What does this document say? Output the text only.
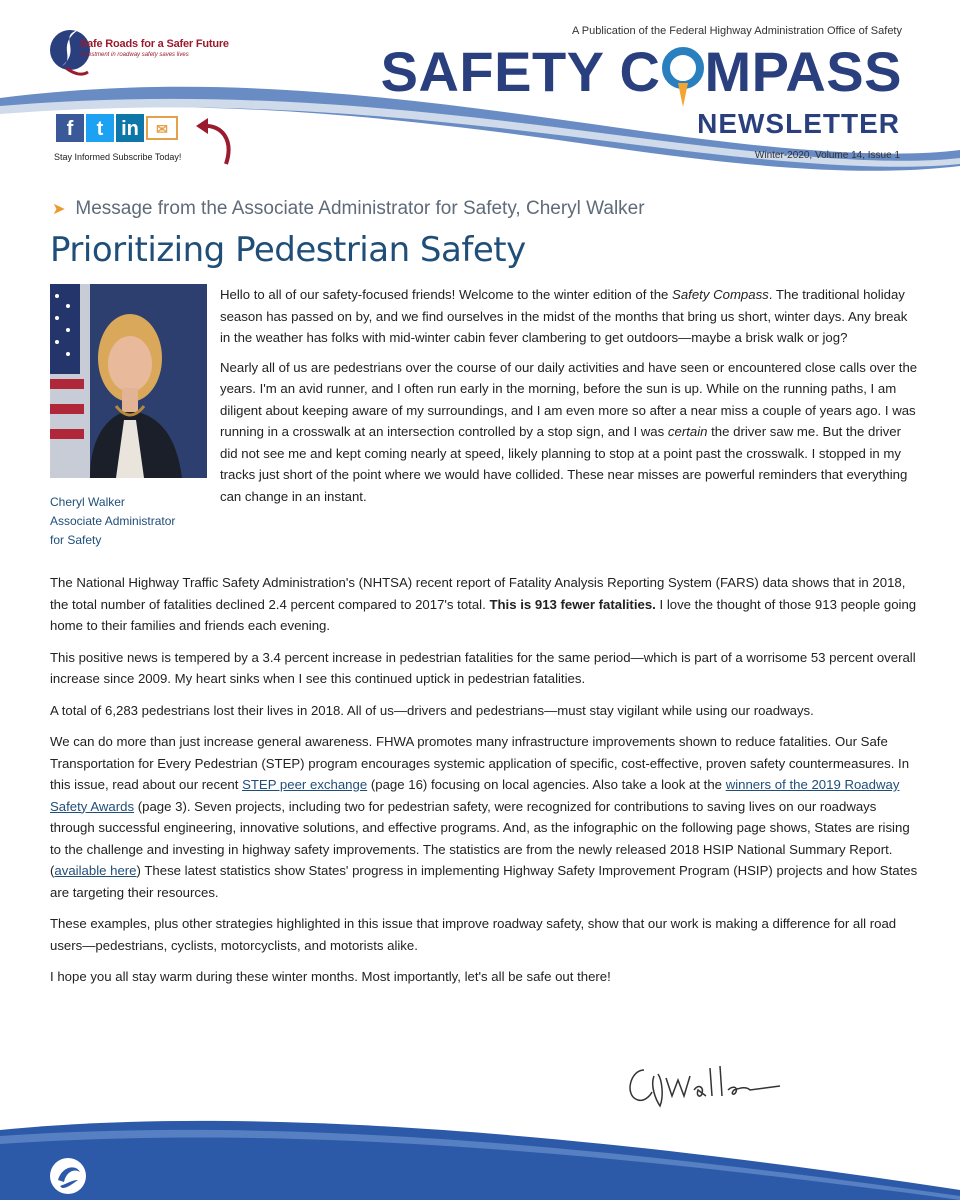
Safe Roads for a Safer Future
Investment in roadway safety saves lives
A Publication of the Federal Highway Administration Office of Safety
SAFETY C MPASS
NEWSLETTER
Winter-2020, Volume 14, Issue 1
f	t in	✉
Stay Informed Subscribe Today!
➤ Message from the Associate Administrator for Safety, Cheryl Walker
Prioritizing Pedestrian Safety
Cheryl Walker
Associate Administrator
for Safety

Hello to all of our safety-focused friends! Welcome to the winter edition of the Safety Compass. The traditional holiday season has passed on by, and we find ourselves in the midst of the months that bring us short, winter days. Any break in the weather has folks with mid-winter cabin fever clambering to get outdoors—maybe a brisk walk or jog?

Nearly all of us are pedestrians over the course of our daily activities and have seen or encountered close calls over the years. I'm an avid runner, and I often run early in the morning, before the sun is up. While on the running paths, I am diligent about keeping aware of my surroundings, and I am even more so after a near miss a couple of years ago. I was running in a crosswalk at an intersection controlled by a stop sign, and I was certain the driver saw me. But the driver did not see me and kept coming nearly at speed, likely planning to stop at a point past the crosswalk. I stopped in my tracks just short of the point where we would have collided. These near misses are powerful reminders that everything can change in an instant.

The National Highway Traffic Safety Administration's (NHTSA) recent report of Fatality Analysis Reporting System (FARS) data shows that in 2018, the total number of fatalities declined 2.4 percent compared to 2017's total. This is 913 fewer fatalities. I love the thought of those 913 people going home to their families and friends each evening.

This positive news is tempered by a 3.4 percent increase in pedestrian fatalities for the same period—which is part of a worrisome 53 percent overall increase since 2009. My heart sinks when I see this continued uptick in pedestrian fatalities.

A total of 6,283 pedestrians lost their lives in 2018. All of us—drivers and pedestrians—must stay vigilant while using our roadways.

We can do more than just increase general awareness. FHWA promotes many infrastructure improvements shown to reduce fatalities. Our Safe Transportation for Every Pedestrian (STEP) program encourages systemic application of specific, cost-effective, proven safety countermeasures. In this issue, read about our recent STEP peer exchange (page 16) focusing on local agencies. Also take a look at the winners of the 2019 Roadway Safety Awards (page 3). Seven projects, including two for pedestrian safety, were recognized for contributions to saving lives on our roadways through successful engineering, innovative solutions, and effective programs. And, as the infographic on the following page shows, States are rising to the challenge and investing in highway safety improvements. The statistics are from the newly released 2018 HSIP National Summary Report. (available here) These latest statistics show States' progress in implementing Highway Safety Improvement Program (HSIP) projects and how States are targeting their resources.

These examples, plus other strategies highlighted in this issue that improve roadway safety, show that our work is making a difference for all road users—pedestrians, cyclists, motorcyclists, and motorists alike.

I hope you all stay warm during these winter months. Most importantly, let's all be safe out there!
